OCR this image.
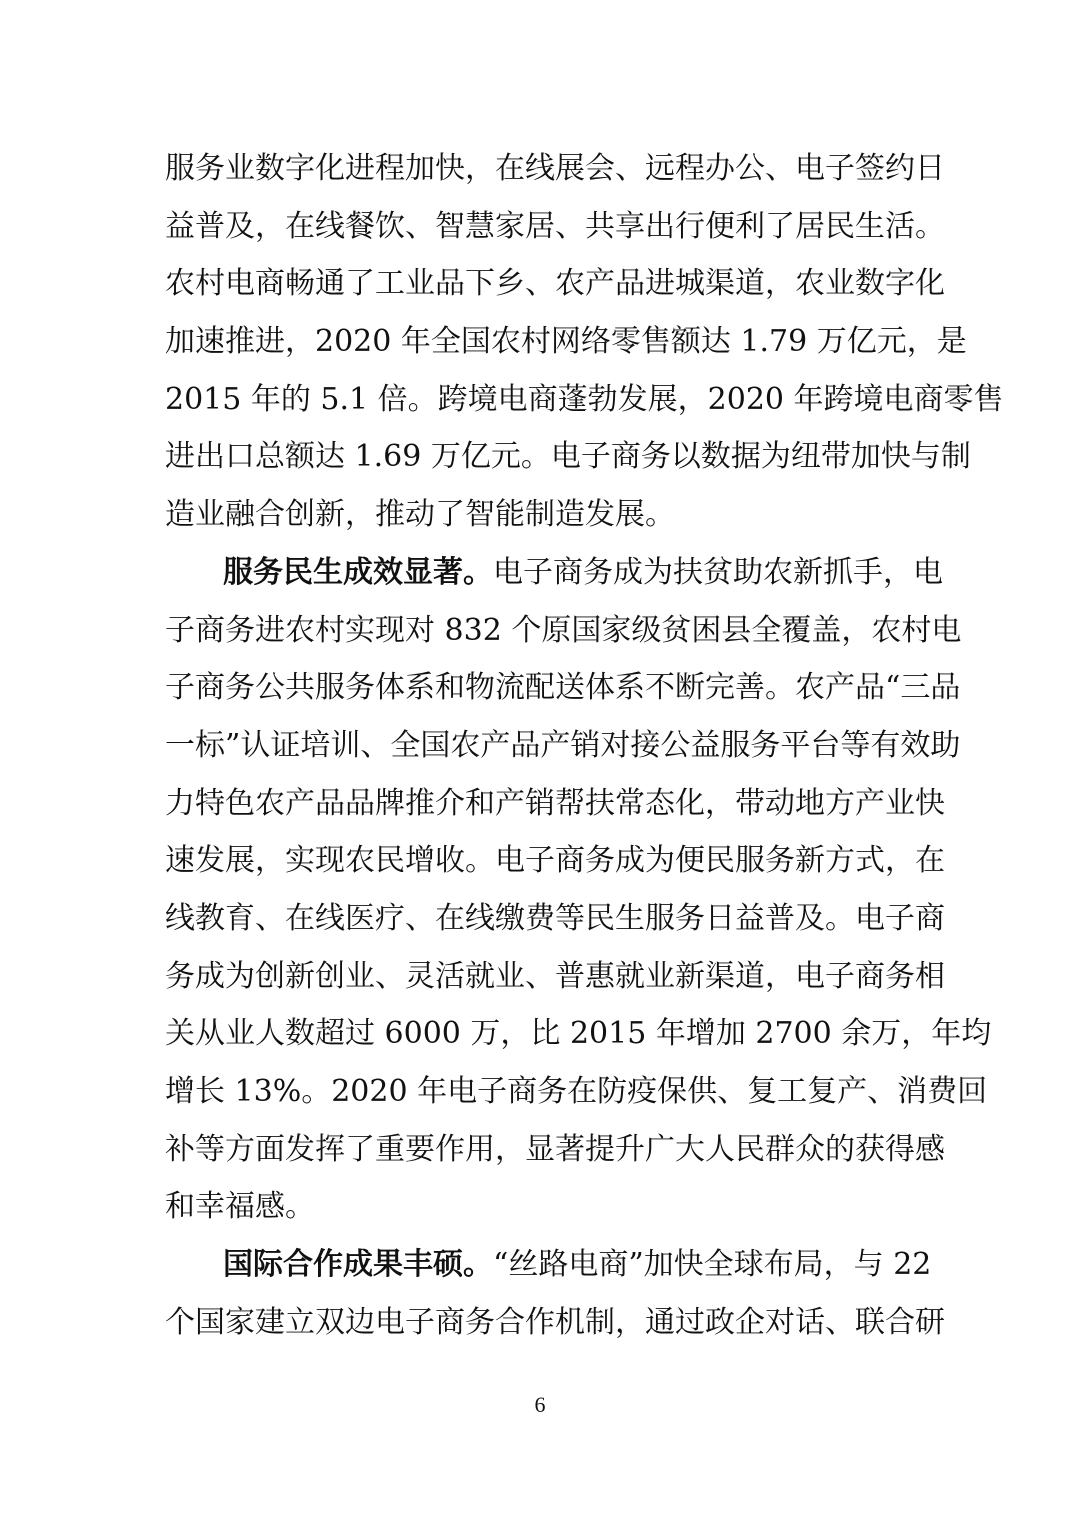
服务业数字化进程加快，在线展会、远程办公、电子签约日
益普及，在线餐饮、智慧家居、共享出行便利了居民生活。
农村电商畅通了工业品下乡、农产品进城渠道，农业数字化
加速推进，2020 年全国农村网络零售额达 1.79 万亿元，是
2015 年的 5.1 倍。跨境电商蓬勃发展，2020 年跨境电商零售
进出口总额达 1.69 万亿元。电子商务以数据为纽带加快与制
造业融合创新，推动了智能制造发展。
服务民生成效显著。电子商务成为扶贫助农新抓手，电
子商务进农村实现对 832 个原国家级贫困县全覆盖，农村电
子商务公共服务体系和物流配送体系不断完善。农产品“三品
一标”认证培训、全国农产品产销对接公益服务平台等有效助
力特色农产品品牌推介和产销帮扶常态化，带动地方产业快
速发展，实现农民增收。电子商务成为便民服务新方式，在
线教育、在线医疗、在线缴费等民生服务日益普及。电子商
务成为创新创业、灵活就业、普惠就业新渠道，电子商务相
关从业人数超过 6000 万，比 2015 年增加 2700 余万，年均
增长 13%。2020 年电子商务在防疫保供、复工复产、消费回
补等方面发挥了重要作用，显著提升广大人民群众的获得感
和幸福感。
国际合作成果丰硕。“丝路电商”加快全球布局，与 22
个国家建立双边电子商务合作机制，通过政企对话、联合研
6
